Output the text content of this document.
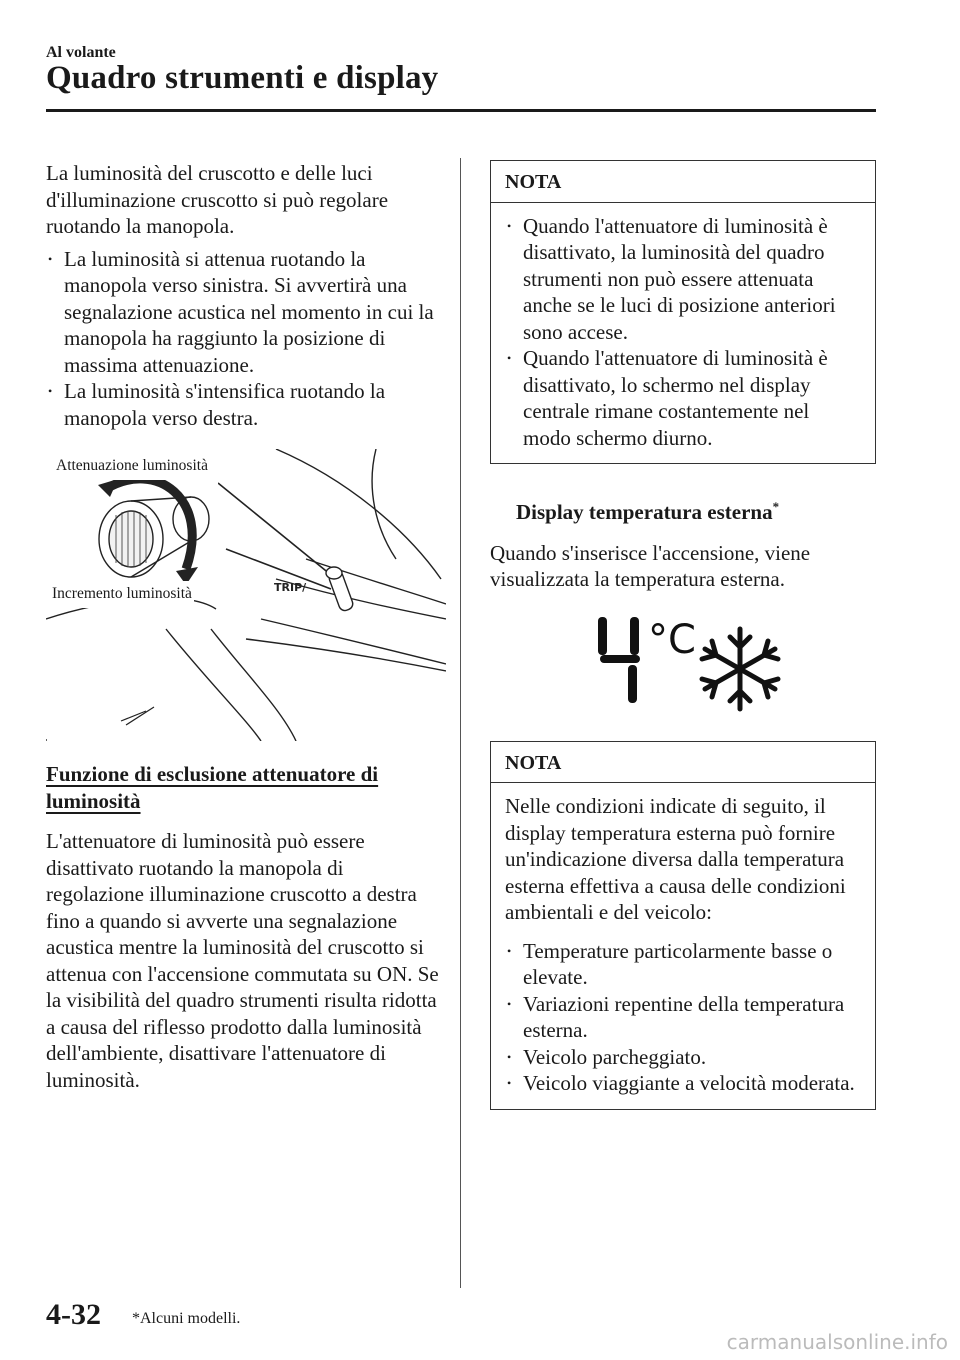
Al volante
Quadro strumenti e display

La luminosità del cruscotto e delle luci d'illuminazione cruscotto si può regolare ruotando la manopola.

• La luminosità si attenua ruotando la manopola verso sinistra. Si avvertirà una segnalazione acustica nel momento in cui la manopola ha raggiunto la posizione di massima attenuazione.
• La luminosità s'intensifica ruotando la manopola verso destra.
TRIP/
Attenuazione luminosità
Incremento luminosità

Funzione di esclusione attenuatore di luminosità

L'attenuatore di luminosità può essere disattivato ruotando la manopola di regolazione illuminazione cruscotto a destra fino a quando si avverte una segnalazione acustica mentre la luminosità del cruscotto si attenua con l'accensione commutata su ON. Se la visibilità del quadro strumenti risulta ridotta a causa del riflesso prodotto dalla luminosità dell'ambiente, disattivare l'attenuatore di luminosità.

NOTA
• Quando l'attenuatore di luminosità è disattivato, la luminosità del quadro strumenti non può essere attenuata anche se le luci di posizione anteriori sono accese.
• Quando l'attenuatore di luminosità è disattivato, lo schermo nel display centrale rimane costantemente nel modo schermo diurno.

Display temperatura esterna*

Quando s'inserisce l'accensione, viene visualizzata la temperatura esterna.

°C
NOTA

Nelle condizioni indicate di seguito, il display temperatura esterna può fornire un'indicazione diversa dalla temperatura esterna effettiva a causa delle condizioni ambientali e del veicolo:

• Temperature particolarmente basse o elevate.
• Variazioni repentine della temperatura esterna.
• Veicolo parcheggiato.
• Veicolo viaggiante a velocità moderata.
4-32 *Alcuni modelli.
carmanualsonline.info
